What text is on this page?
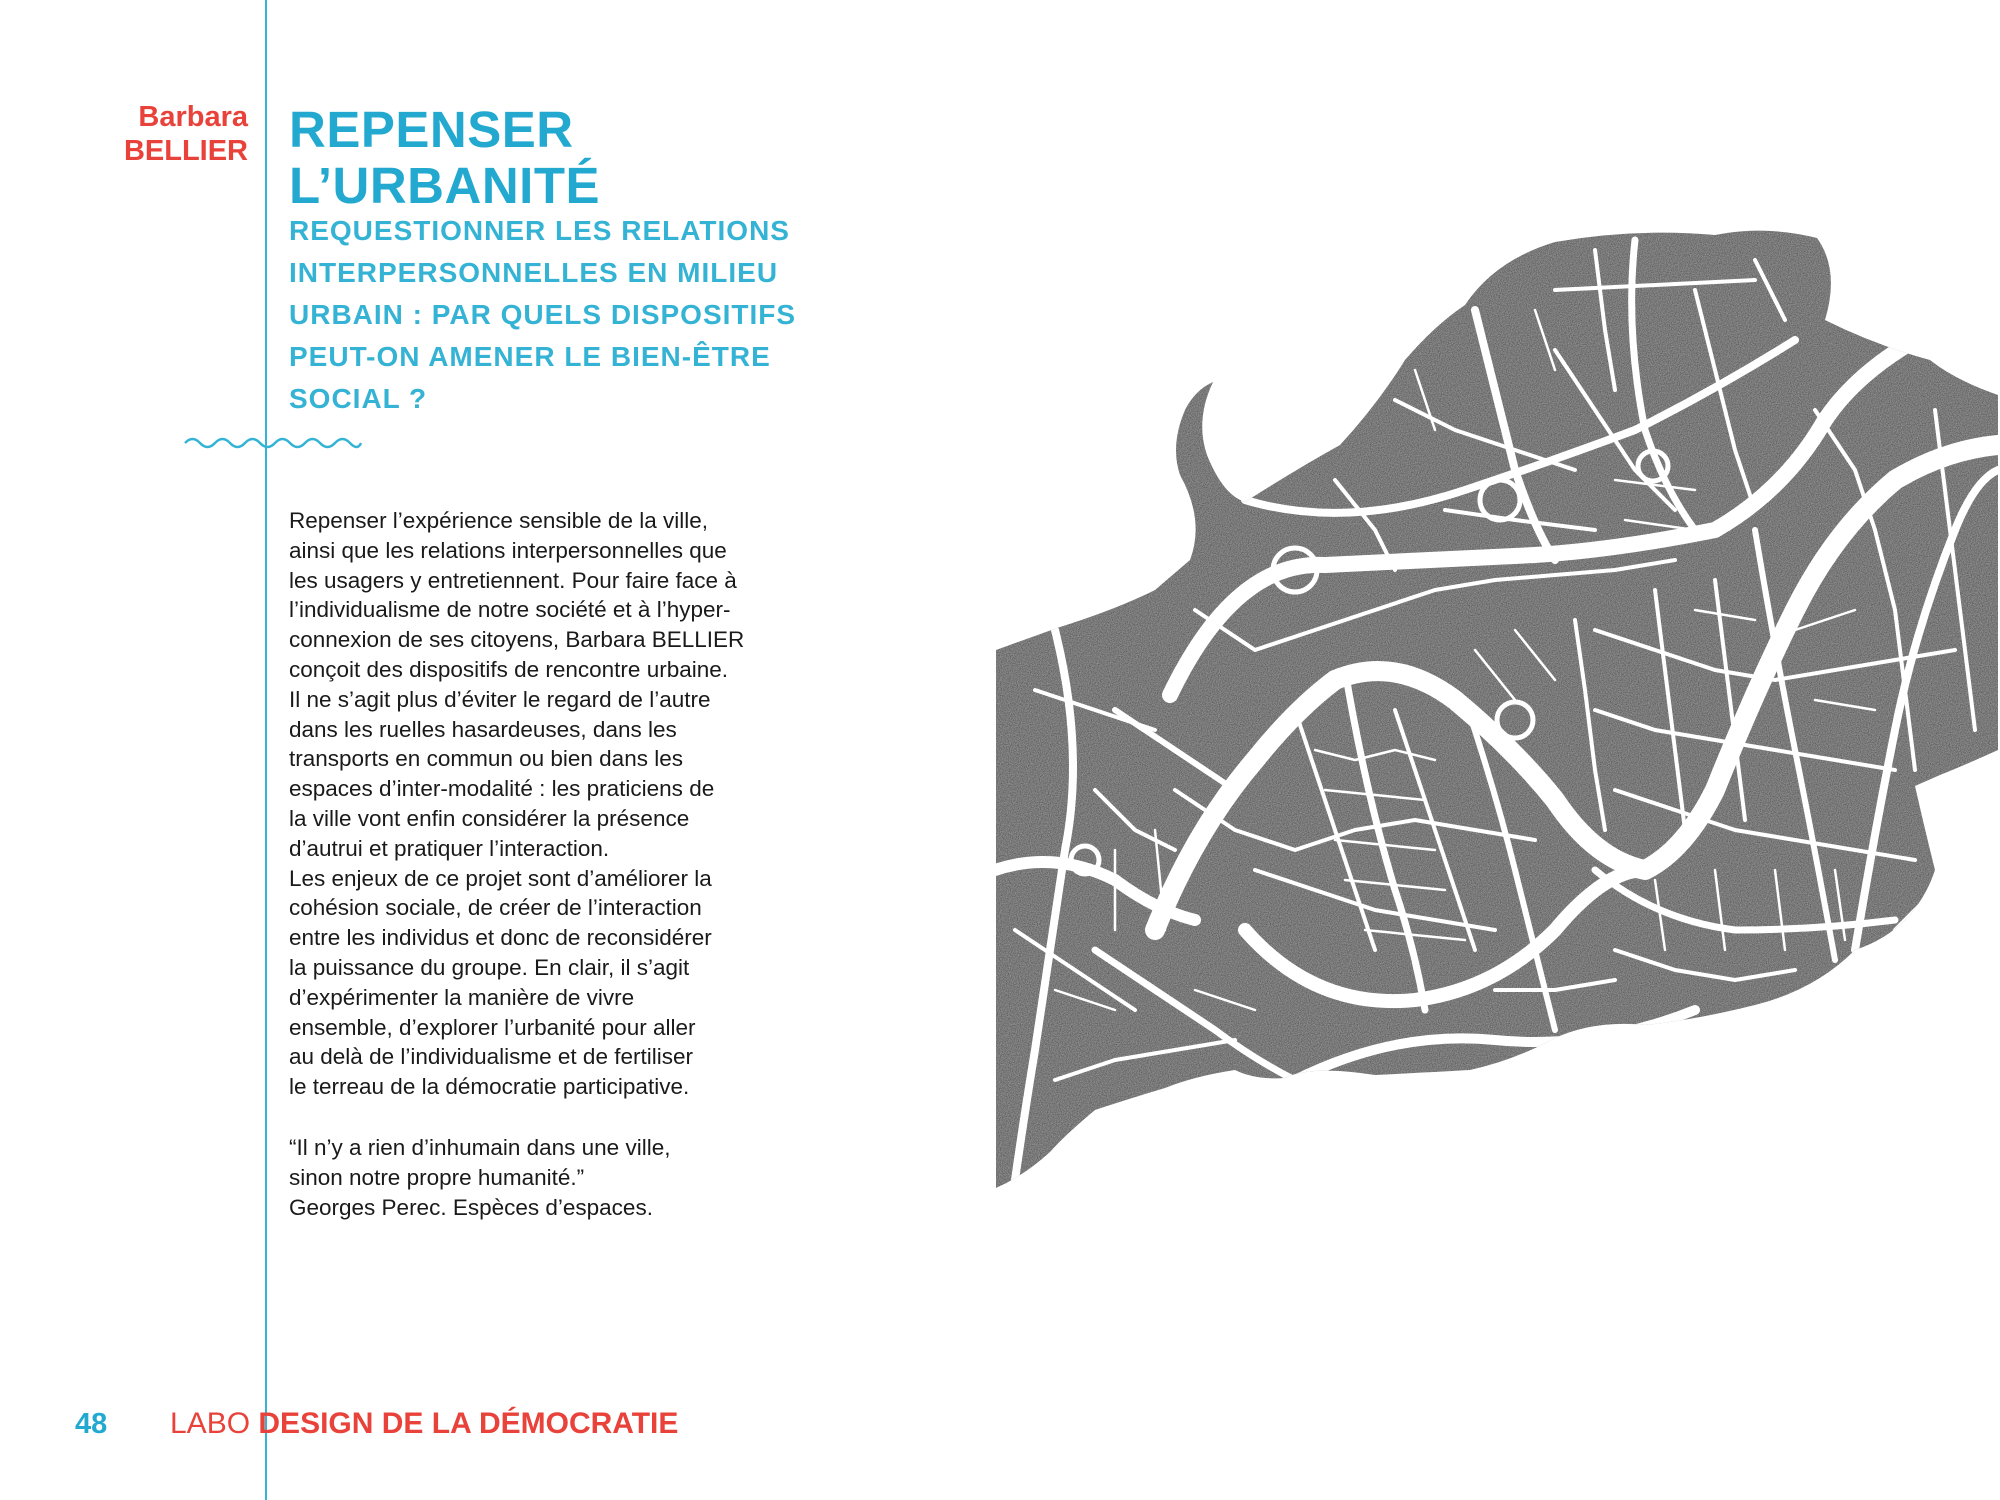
Barbara
BELLIER REPENSER
L’URBANITÉ
REQUESTIONNER LES RELATIONS
INTERPERSONNELLES EN MILIEU
URBAIN : PAR QUELS DISPOSITIFS
PEUT-ON AMENER LE BIEN-ÊTRE
SOCIAL ?
Repenser l’expérience sensible de la ville,
ainsi que les relations interpersonnelles que
les usagers y entretiennent. Pour faire face à
l’individualisme de notre société et à l’hyper-
connexion de ses citoyens, Barbara BELLIER
conçoit des dispositifs de rencontre urbaine.
Il ne s’agit plus d’éviter le regard de l’autre
dans les ruelles hasardeuses, dans les
transports en commun ou bien dans les
espaces d’inter-modalité : les praticiens de
la ville vont enfin considérer la présence
d’autrui et pratiquer l’interaction.
Les enjeux de ce projet sont d’améliorer la
cohésion sociale, de créer de l’interaction
entre les individus et donc de reconsidérer
la puissance du groupe. En clair, il s’agit
d’expérimenter la manière de vivre
ensemble, d’explorer l’urbanité pour aller
au delà de l’individualisme et de fertiliser
le terreau de la démocratie participative.
“Il n’y a rien d’inhumain dans une ville,
sinon notre propre humanité.”
Georges Perec. Espèces d’espaces.
48 LABO DESIGN DE LA DÉMOCRATIE
